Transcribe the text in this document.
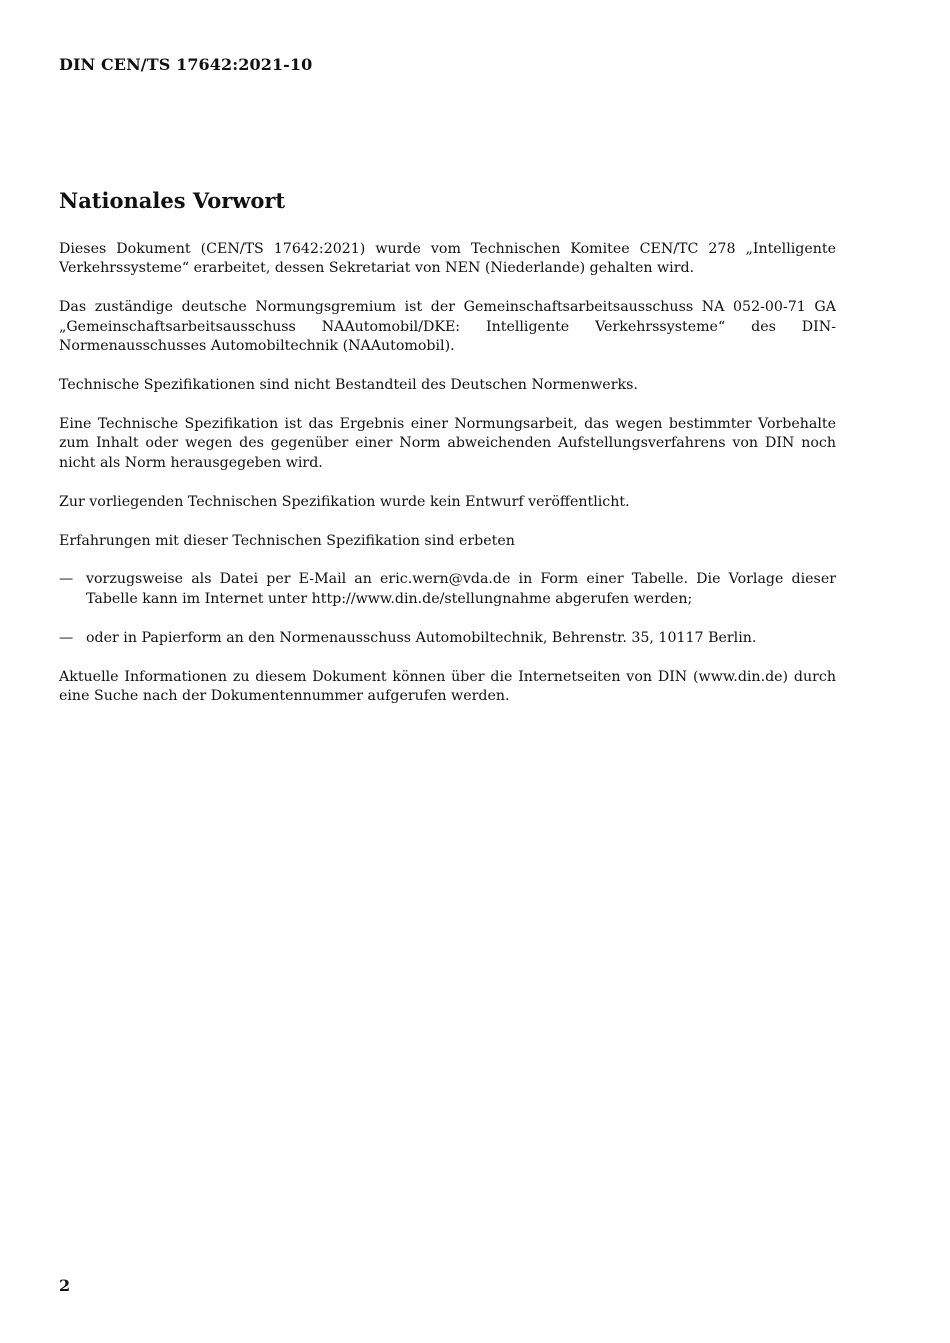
DIN CEN/TS 17642:2021-10
Nationales Vorwort

Dieses Dokument (CEN/TS 17642:2021) wurde vom Technischen Komitee CEN/TC 278 „Intelligente Verkehrssysteme“ erarbeitet, dessen Sekretariat von NEN (Niederlande) gehalten wird.

Das zuständige deutsche Normungsgremium ist der Gemeinschaftsarbeitsausschuss NA 052-00-71 GA „Gemeinschaftsarbeitsausschuss NAAutomobil/DKE: Intelligente Verkehrssysteme“ des DIN-Normenausschusses Automobiltechnik (NAAutomobil).

Technische Spezifikationen sind nicht Bestandteil des Deutschen Normenwerks.

Eine Technische Spezifikation ist das Ergebnis einer Normungsarbeit, das wegen bestimmter Vorbehalte zum Inhalt oder wegen des gegenüber einer Norm abweichenden Aufstellungsverfahrens von DIN noch nicht als Norm herausgegeben wird.

Zur vorliegenden Technischen Spezifikation wurde kein Entwurf veröffentlicht.

Erfahrungen mit dieser Technischen Spezifikation sind erbeten

— vorzugsweise als Datei per E-Mail an eric.wern@vda.de in Form einer Tabelle. Die Vorlage dieser Tabelle kann im Internet unter http://www.din.de/stellungnahme abgerufen werden;
— oder in Papierform an den Normenausschuss Automobiltechnik, Behrenstr. 35, 10117 Berlin.

Aktuelle Informationen zu diesem Dokument können über die Internetseiten von DIN (www.din.de) durch eine Suche nach der Dokumentennummer aufgerufen werden.

2
